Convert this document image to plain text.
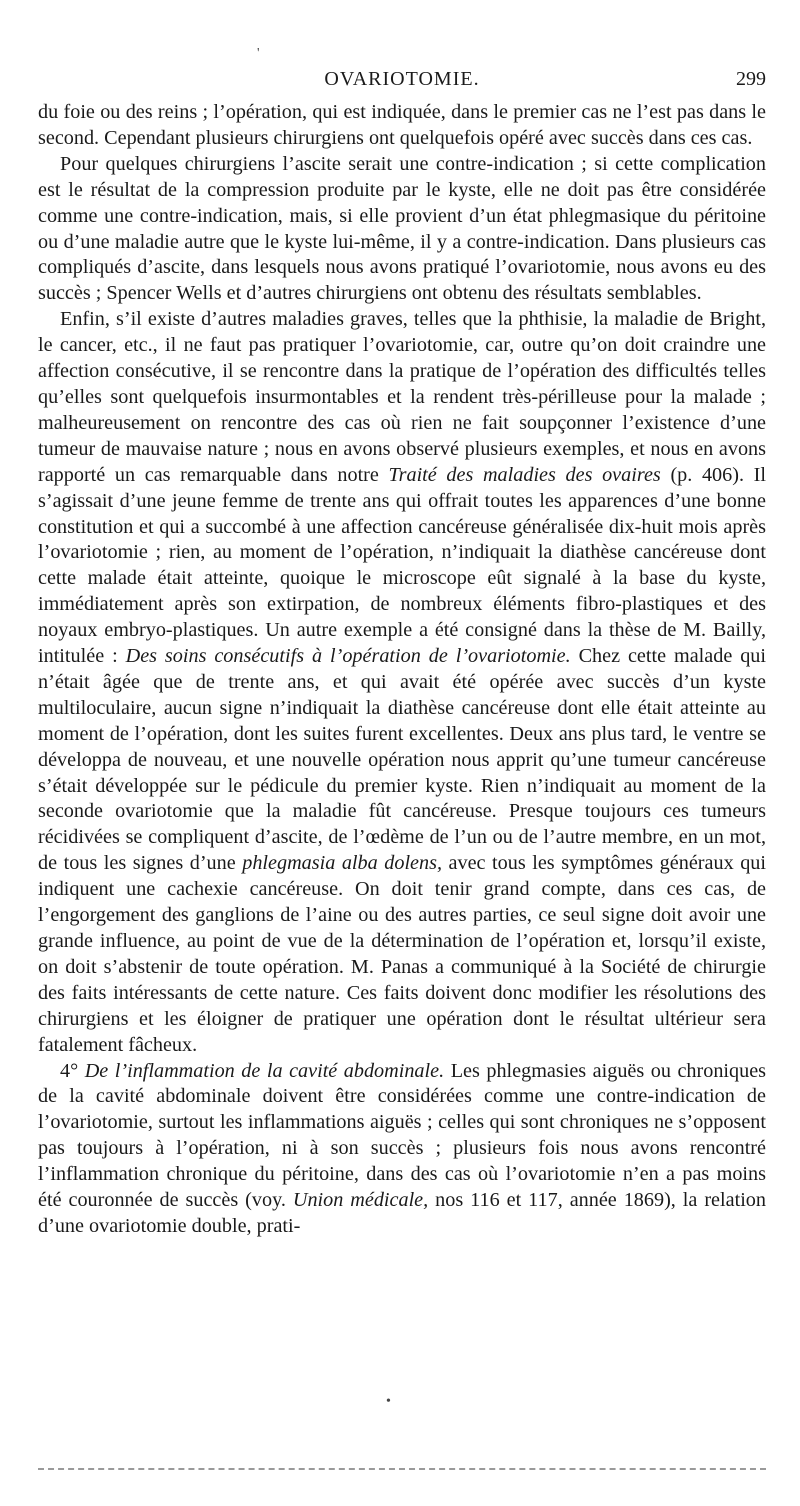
'
OVARIOTOMIE.	299

du foie ou des reins ; l’opération, qui est indiquée, dans le premier cas ne l’est pas dans le second. Cependant plusieurs chirurgiens ont quelquefois opéré avec succès dans ces cas.

Pour quelques chirurgiens l’ascite serait une contre-indication ; si cette complication est le résultat de la compression produite par le kyste, elle ne doit pas être considérée comme une contre-indication, mais, si elle provient d’un état phlegmasique du péritoine ou d’une maladie autre que le kyste lui-même, il y a contre-indication. Dans plusieurs cas compliqués d’ascite, dans lesquels nous avons pratiqué l’ovariotomie, nous avons eu des succès ; Spencer Wells et d’autres chirurgiens ont obtenu des résultats semblables.

Enfin, s’il existe d’autres maladies graves, telles que la phthisie, la maladie de Bright, le cancer, etc., il ne faut pas pratiquer l’ovariotomie, car, outre qu’on doit craindre une affection consécutive, il se rencontre dans la pratique de l’opération des difficultés telles qu’elles sont quelquefois insurmontables et la rendent très-périlleuse pour la malade ; malheureusement on rencontre des cas où rien ne fait soupçonner l’existence d’une tumeur de mauvaise nature ; nous en avons observé plusieurs exemples, et nous en avons rapporté un cas remarquable dans notre Traité des maladies des ovaires (p. 406). Il s’agissait d’une jeune femme de trente ans qui offrait toutes les apparences d’une bonne constitution et qui a succombé à une affection cancéreuse généralisée dix-huit mois après l’ovariotomie ; rien, au moment de l’opération, n’indiquait la diathèse cancéreuse dont cette malade était atteinte, quoique le microscope eût signalé à la base du kyste, immédiatement après son extirpation, de nombreux éléments fibro-plastiques et des noyaux embryo-plastiques. Un autre exemple a été consigné dans la thèse de M. Bailly, intitulée : Des soins consécutifs à l’opération de l’ovariotomie. Chez cette malade qui n’était âgée que de trente ans, et qui avait été opérée avec succès d’un kyste multiloculaire, aucun signe n’indiquait la diathèse cancéreuse dont elle était atteinte au moment de l’opération, dont les suites furent excellentes. Deux ans plus tard, le ventre se développa de nouveau, et une nouvelle opération nous apprit qu’une tumeur cancéreuse s’était développée sur le pédicule du premier kyste. Rien n’indiquait au moment de la seconde ovariotomie que la maladie fût cancéreuse. Presque toujours ces tumeurs récidivées se compliquent d’ascite, de l’œdème de l’un ou de l’autre membre, en un mot, de tous les signes d’une phlegmasia alba dolens, avec tous les symptômes généraux qui indiquent une cachexie cancéreuse. On doit tenir grand compte, dans ces cas, de l’engorgement des ganglions de l’aine ou des autres parties, ce seul signe doit avoir une grande influence, au point de vue de la détermination de l’opération et, lorsqu’il existe, on doit s’abstenir de toute opération. M. Panas a communiqué à la Société de chirurgie des faits intéressants de cette nature. Ces faits doivent donc modifier les résolutions des chirurgiens et les éloigner de pratiquer une opération dont le résultat ultérieur sera fatalement fâcheux.

4° De l’inflammation de la cavité abdominale. Les phlegmasies aiguës ou chroniques de la cavité abdominale doivent être considérées comme une contre-indication de l’ovariotomie, surtout les inflammations aiguës ; celles qui sont chroniques ne s’opposent pas toujours à l’opération, ni à son succès ; plusieurs fois nous avons rencontré l’inflammation chronique du péritoine, dans des cas où l’ovariotomie n’en a pas moins été couronnée de succès (voy. Union médicale, nos 116 et 117, année 1869), la relation d’une ovariotomie double, prati-

•
